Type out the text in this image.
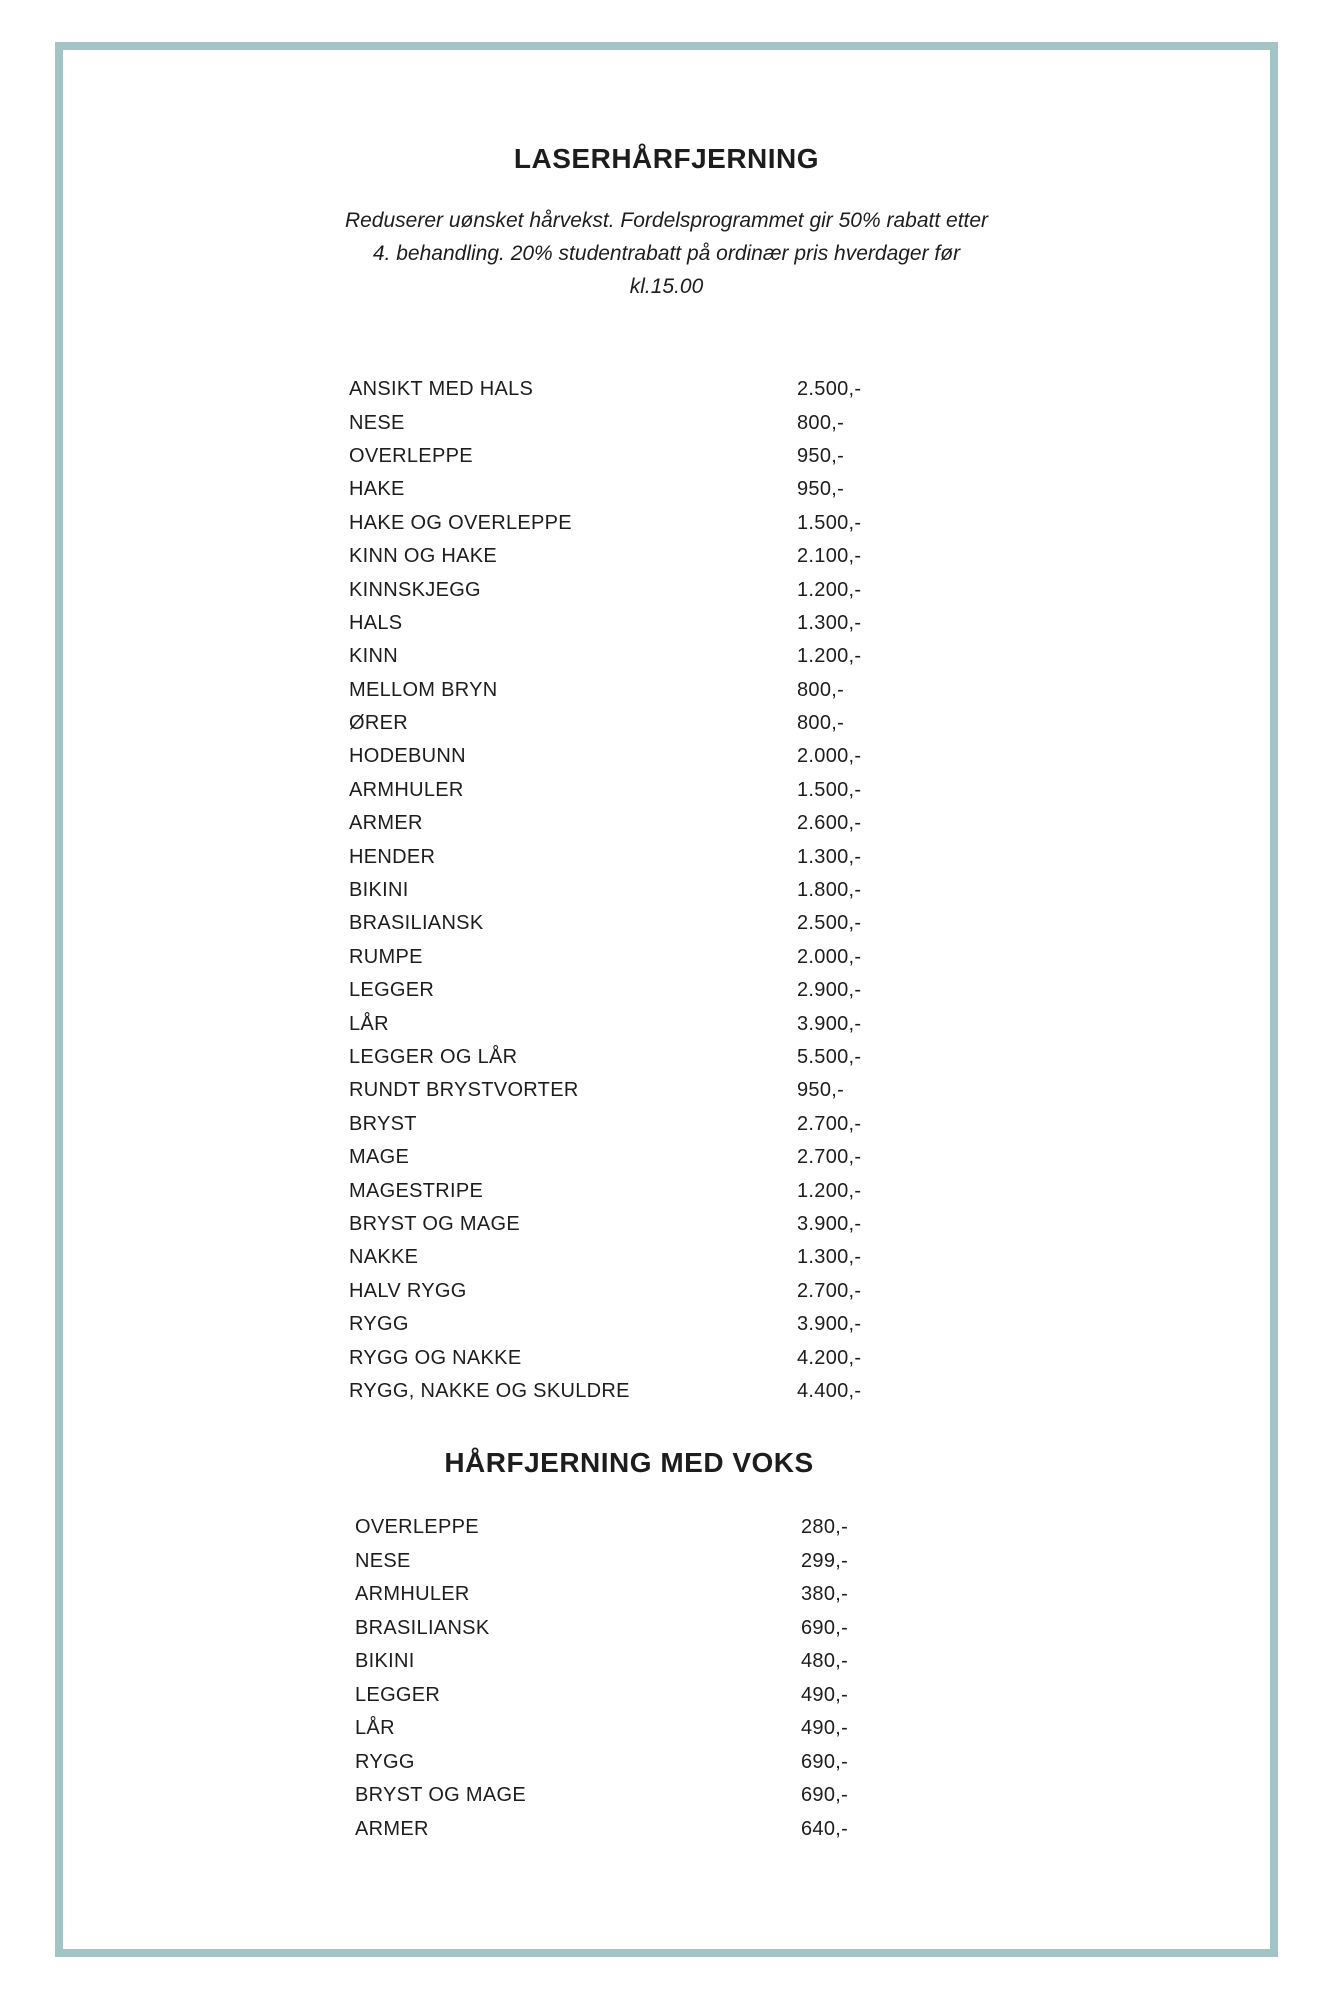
LASERHÅRFJERNING
Reduserer uønsket hårvekst. Fordelsprogrammet gir 50% rabatt etter
4. behandling. 20% studentrabatt på ordinær pris hverdager før
kl.15.00
ANSIKT MED HALS	2.500,-
NESE	800,-
OVERLEPPE	950,-
HAKE	950,-
HAKE OG OVERLEPPE	1.500,-
KINN OG HAKE	2.100,-
KINNSKJEGG	1.200,-
HALS	1.300,-
KINN	1.200,-
MELLOM BRYN	800,-
ØRER	800,-
HODEBUNN	2.000,-
ARMHULER	1.500,-
ARMER	2.600,-
HENDER	1.300,-
BIKINI	1.800,-
BRASILIANSK	2.500,-
RUMPE	2.000,-
LEGGER	2.900,-
LÅR	3.900,-
LEGGER OG LÅR	5.500,-
RUNDT BRYSTVORTER	950,-
BRYST	2.700,-
MAGE	2.700,-
MAGESTRIPE	1.200,-
BRYST OG MAGE	3.900,-
NAKKE	1.300,-
HALV RYGG	2.700,-
RYGG	3.900,-
RYGG OG NAKKE	4.200,-
RYGG, NAKKE OG SKULDRE	4.400,-
HÅRFJERNING MED VOKS
OVERLEPPE	280,-
NESE	299,-
ARMHULER	380,-
BRASILIANSK	690,-
BIKINI	480,-
LEGGER	490,-
LÅR	490,-
RYGG	690,-
BRYST OG MAGE	690,-
ARMER	640,-
